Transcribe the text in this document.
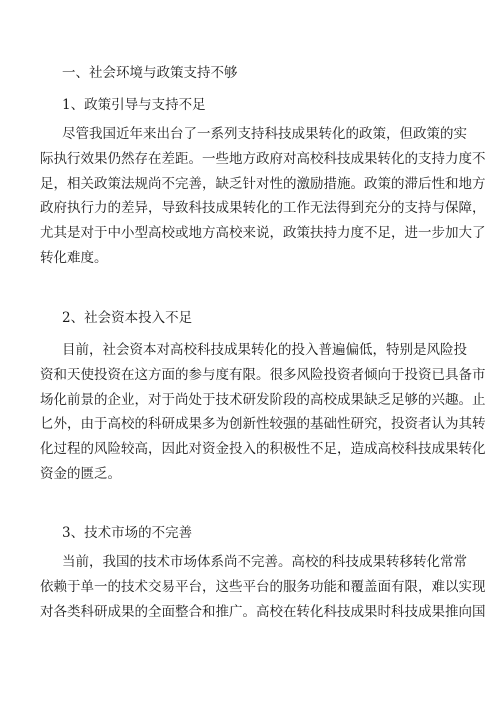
一、社会环境与政策支持不够
1、政策引导与支持不足
尽管我国近年来出台了一系列支持科技成果转化的政策，但政策的实
际执行效果仍然存在差距。一些地方政府对高校科技成果转化的支持力度不
足，相关政策法规尚不完善，缺乏针对性的激励措施。政策的滞后性和地方
政府执行力的差异，导致科技成果转化的工作无法得到充分的支持与保障，
尤其是对于中小型高校或地方高校来说，政策扶持力度不足，进一步加大了
转化难度。
2、社会资本投入不足
目前，社会资本对高校科技成果转化的投入普遍偏低，特别是风险投
资和天使投资在这方面的参与度有限。很多风险投资者倾向于投资已具备市
场化前景的企业，对于尚处于技术研发阶段的高校成果缺乏足够的兴趣。止
匕外，由于高校的科研成果多为创新性较强的基础性研究，投资者认为其转
化过程的风险较高，因此对资金投入的积极性不足，造成高校科技成果转化
资金的匮乏。
3、技术市场的不完善
当前，我国的技术市场体系尚不完善。高校的科技成果转移转化常常
依赖于单一的技术交易平台，这些平台的服务功能和覆盖面有限，难以实现
对各类科研成果的全面整合和推广。高校在转化科技成果时科技成果推向国
